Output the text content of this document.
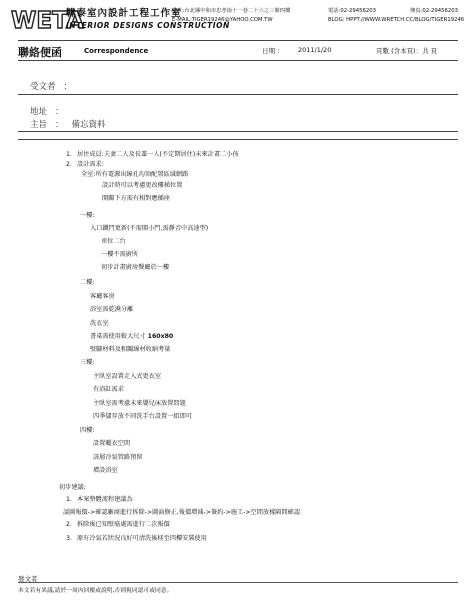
WETA
韡泰室內設計工程工作室
INTERIOR DESIGNS CONSTRUCTION
地址:台北縣中和市忠孝街十一巷二十六之三號四樓	電話:02-29456203	傳真:02-29456203
E-MAIL:TIGER19246@YAHOO.COM.TW	BLOG: HPPT://WWW.WRETCH.CC/BLOG/TIGER19246
聯絡便函	Correspondence	日期 ： 2011/1/20	頁數 (含本頁)：共 頁
受文者 ：
地址 ：
主旨 ： 備忘資料
1. 居住成員:夫妻二人及長輩一人(不定期居住)未來計畫二小孩
2. 設計需求:
全室:所有電源出線孔均須配置區域網路
設計時可以考慮更改樓梯位置
開關下方需有相對應插座
一樓:
入口鐵門更新(不需開小門,需靜音中高速型)
車位二台
一樓不需廚所
初步計畫廚房餐廳於一樓
二樓:
客廳客房
浴室需乾濕分離
洗衣室
書桌需使用較大尺寸 160x80
壁腳材料及相關線材收納考量
三樓:
主臥室設置走入式更衣室
有浴缸需求
主臥室需考慮未來嬰兒床放置問題
四季儲存放不同洗手台設置一組即可
四樓:
設置曬衣空間
該層冷氣管路預留
增設浴室
初步建議:
1. 本案整體流程建議為
談圖報價->確認廠商進行拆除->圖面修正,報價增減->簽約->施工->空間放樣隔間確認
2. 拆除後已知壁癌處需進行二次報價
3. 原有冷氣若狀況良好可清洗後移至四樓安裝使用
發文者
本文若有異議,請於一周內回覆或說明,否則視同認可或同意。
